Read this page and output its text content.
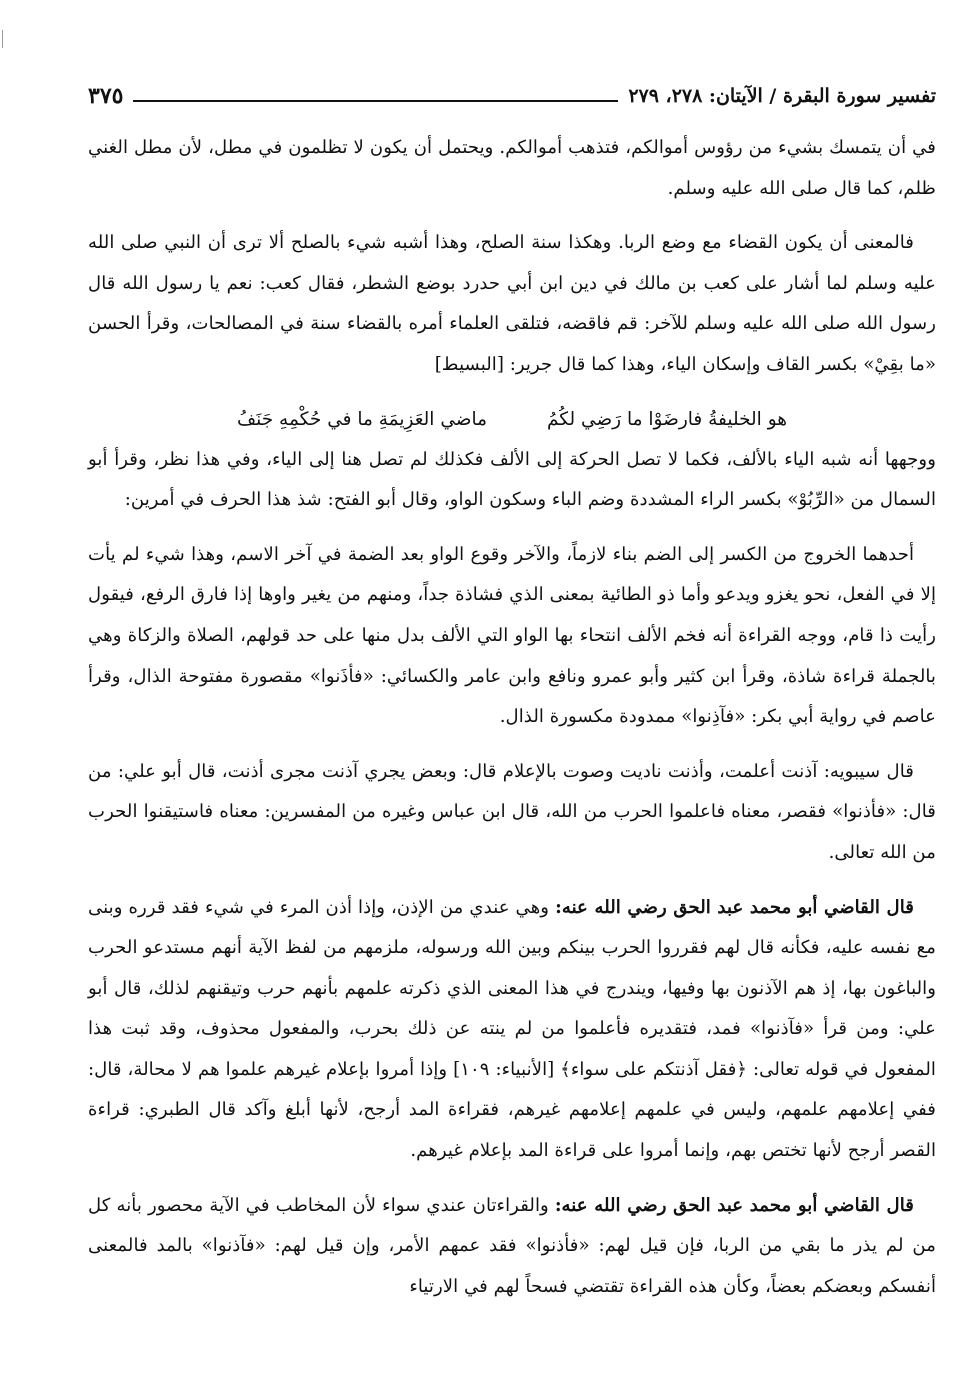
تفسير سورة البقرة / الآيتان: ٢٧٨، ٢٧٩
٣٧٥

في أن يتمسك بشيء من رؤوس أموالكم، فتذهب أموالكم. ويحتمل أن يكون لا تظلمون في مطل، لأن مطل الغني ظلم، كما قال صلى الله عليه وسلم.

فالمعنى أن يكون القضاء مع وضع الربا. وهكذا سنة الصلح، وهذا أشبه شيء بالصلح ألا ترى أن النبي صلى الله عليه وسلم لما أشار على كعب بن مالك في دين ابن أبي حدرد بوضع الشطر، فقال كعب: نعم يا رسول الله قال رسول الله صلى الله عليه وسلم للآخر: قم فاقضه، فتلقى العلماء أمره بالقضاء سنة في المصالحات، وقرأ الحسن «ما بقِيْ» بكسر القاف وإسكان الياء، وهذا كما قال جرير: [البسيط]

هو الخليفةُ فارضَوْا ما رَضِي لكُمُ
ماضي العَزِيمَةِ ما في حُكْمِهِ جَنَفُ

ووجهها أنه شبه الياء بالألف، فكما لا تصل الحركة إلى الألف فكذلك لم تصل هنا إلى الياء، وفي هذا نظر، وقرأ أبو السمال من «الرِّبُوْ» بكسر الراء المشددة وضم الباء وسكون الواو، وقال أبو الفتح: شذ هذا الحرف في أمرين:

أحدهما الخروج من الكسر إلى الضم بناء لازماً، والآخر وقوع الواو بعد الضمة في آخر الاسم، وهذا شيء لم يأت إلا في الفعل، نحو يغزو ويدعو وأما ذو الطائية بمعنى الذي فشاذة جداً، ومنهم من يغير واوها إذا فارق الرفع، فيقول رأيت ذا قام، ووجه القراءة أنه فخم الألف انتحاء بها الواو التي الألف بدل منها على حد قولهم، الصلاة والزكاة وهي بالجملة قراءة شاذة، وقرأ ابن كثير وأبو عمرو ونافع وابن عامر والكسائي: «فأذَنوا» مقصورة مفتوحة الذال، وقرأ عاصم في رواية أبي بكر: «فآذِنوا» ممدودة مكسورة الذال.

قال سيبويه: آذنت أعلمت، وأذنت ناديت وصوت بالإعلام قال: وبعض يجري آذنت مجرى أذنت، قال أبو علي: من قال: «فأذنوا» فقصر، معناه فاعلموا الحرب من الله، قال ابن عباس وغيره من المفسرين: معناه فاستيقنوا الحرب من الله تعالى.

قال القاضي أبو محمد عبد الحق رضي الله عنه: وهي عندي من الإذن، وإذا أذن المرء في شيء فقد قرره وبنى مع نفسه عليه، فكأنه قال لهم فقرروا الحرب بينكم وبين الله ورسوله، ملزمهم من لفظ الآية أنهم مستدعو الحرب والباغون بها، إذ هم الآذنون بها وفيها، ويندرج في هذا المعنى الذي ذكرته علمهم بأنهم حرب وتيقنهم لذلك، قال أبو علي: ومن قرأ «فآذنوا» فمد، فتقديره فأعلموا من لم ينته عن ذلك بحرب، والمفعول محذوف، وقد ثبت هذا المفعول في قوله تعالى: ﴿فقل آذنتكم على سواء﴾ [الأنبياء: ١٠٩] وإذا أمروا بإعلام غيرهم علموا هم لا محالة، قال: ففي إعلامهم علمهم، وليس في علمهم إعلامهم غيرهم، فقراءة المد أرجح، لأنها أبلغ وآكد قال الطبري: قراءة القصر أرجح لأنها تختص بهم، وإنما أمروا على قراءة المد بإعلام غيرهم.

قال القاضي أبو محمد عبد الحق رضي الله عنه: والقراءتان عندي سواء لأن المخاطب في الآية محصور بأنه كل من لم يذر ما بقي من الربا، فإن قيل لهم: «فأذنوا» فقد عمهم الأمر، وإن قيل لهم: «فآذنوا» بالمد فالمعنى أنفسكم وبعضكم بعضاً، وكأن هذه القراءة تقتضي فسحاً لهم في الارتياء
